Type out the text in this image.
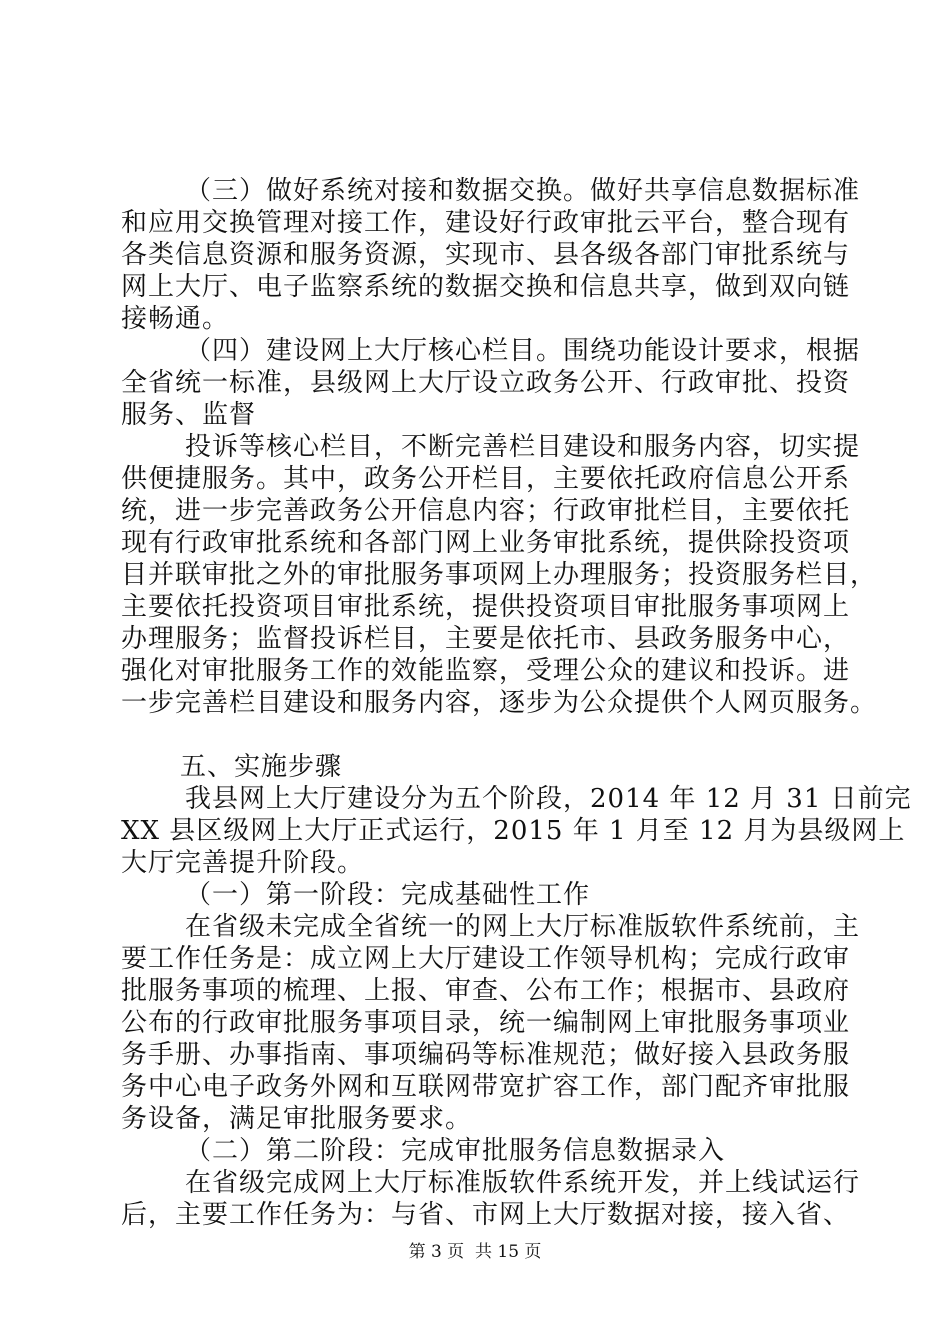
（三）做好系统对接和数据交换。做好共享信息数据标准
和应用交换管理对接工作，建设好行政审批云平台，整合现有
各类信息资源和服务资源，实现市、县各级各部门审批系统与
网上大厅、电子监察系统的数据交换和信息共享，做到双向链
接畅通。
（四）建设网上大厅核心栏目。围绕功能设计要求，根据
全省统一标准，县级网上大厅设立政务公开、行政审批、投资
服务、监督
投诉等核心栏目，不断完善栏目建设和服务内容，切实提
供便捷服务。其中，政务公开栏目，主要依托政府信息公开系
统，进一步完善政务公开信息内容；行政审批栏目，主要依托
现有行政审批系统和各部门网上业务审批系统，提供除投资项
目并联审批之外的审批服务事项网上办理服务；投资服务栏目，
主要依托投资项目审批系统，提供投资项目审批服务事项网上
办理服务；监督投诉栏目，主要是依托市、县政务服务中心，
强化对审批服务工作的效能监察，受理公众的建议和投诉。进
一步完善栏目建设和服务内容，逐步为公众提供个人网页服务。
五、实施步骤
我县网上大厅建设分为五个阶段，2014 年 12 月 31 日前完
XX 县区级网上大厅正式运行，2015 年 1 月至 12 月为县级网上
大厅完善提升阶段。
（一）第一阶段：完成基础性工作
在省级未完成全省统一的网上大厅标准版软件系统前，主
要工作任务是：成立网上大厅建设工作领导机构；完成行政审
批服务事项的梳理、上报、审查、公布工作；根据市、县政府
公布的行政审批服务事项目录，统一编制网上审批服务事项业
务手册、办事指南、事项编码等标准规范；做好接入县政务服
务中心电子政务外网和互联网带宽扩容工作，部门配齐审批服
务设备，满足审批服务要求。
（二）第二阶段：完成审批服务信息数据录入
在省级完成网上大厅标准版软件系统开发，并上线试运行
后，主要工作任务为：与省、市网上大厅数据对接，接入省、
第 3 页  共 15 页
